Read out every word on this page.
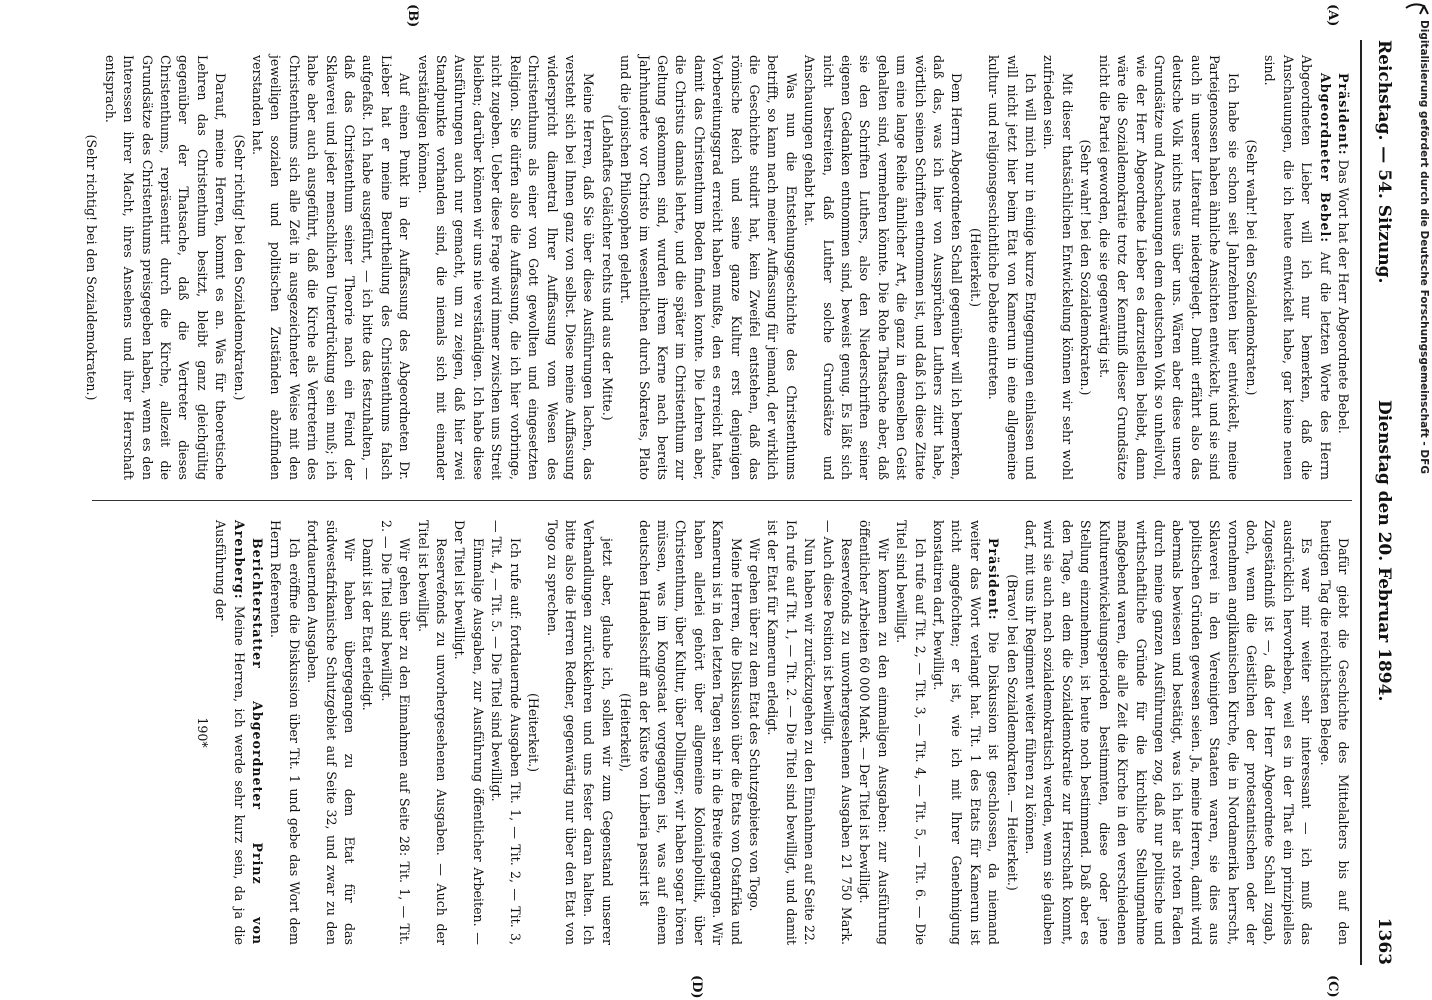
Digitalisierung gefördert durch die Deutsche Forschungsgemeinschaft - DFG
Reichstag. — 54. Sitzung.
Dienstag den 20. Februar 1894.
1363
(A)
(B)
(C)
(D)

Präsident: Das Wort hat der Herr Abgeordnete Bebel.

Abgeordneter Bebel: Auf die letzten Worte des Herrn Abgeordneten Lieber will ich nur bemerken, daß die Anschauungen, die ich heute entwickelt habe, gar keine neuen sind.

(Sehr wahr! bei den Sozialdemokraten.)

Ich habe sie schon seit Jahrzehnten hier entwickelt, meine Parteigenossen haben ähnliche Ansichten entwickelt, und sie sind auch in unserer Literatur niedergelegt. Damit erfährt also das deutsche Volk nichts neues über uns. Wären aber diese unsere Grundsätze und Anschauungen dem deutschen Volk so unheilvoll, wie der Herr Abgeordnete Lieber es darzustellen beliebt, dann wäre die Sozialdemokratie trotz der Kenntniß dieser Grundsätze nicht die Partei geworden, die sie gegenwärtig ist.

(Sehr wahr! bei den Sozialdemokraten.)

Mit dieser thatsächlichen Entwickelung können wir sehr wohl zufrieden sein.

Ich will mich nur in einige kurze Entgegnungen einlassen und will nicht jetzt hier beim Etat von Kamerun in eine allgemeine kultur- und religionsgeschichtliche Debatte eintreten.

(Heiterkeit.)

Dem Herrn Abgeordneten Schall gegenüber will ich bemerken, daß das, was ich hier von Aussprüchen Luthers zitirt habe, wörtlich seinen Schriften entnommen ist, und daß ich diese Zitate um eine lange Reihe ähnlicher Art, die ganz in demselben Geist gehalten sind, vermehren könnte. Die Rohe Thatsache aber, daß sie den Schriften Luthers, also den Niederschriften seiner eigenen Gedanken entnommen sind, beweist genug. Es läßt sich nicht bestreiten, daß Luther solche Grundsätze und Anschauungen gehabt hat.

Was nun die Entstehungsgeschichte des Christenthums betrifft, so kann nach meiner Auffassung für jemand, der wirklich die Geschichte studirt hat, kein Zweifel entstehen, daß das römische Reich und seine ganze Kultur erst denjenigen Vorbereitungsgrad erreicht haben mußte, den es erreicht hatte, damit das Christenthum Boden finden konnte. Die Lehren aber, die Christus damals lehrte, und die später im Christenthum zur Geltung gekommen sind, wurden ihrem Kerne nach bereits Jahrhunderte vor Christo im wesentlichen durch Sokrates, Plato und die jonischen Philosophen gelehrt.

(Lebhaftes Gelächter rechts und aus der Mitte.)

Meine Herren, daß Sie über diese Ausführungen lachen, das versteht sich bei Ihnen ganz von selbst. Diese meine Auffassung widerspricht diametral Ihrer Auffassung vom Wesen des Christenthums als einer von Gott gewollten und eingesetzten Religion. Sie dürfen also die Auffassung, die ich hier vorbringe, nicht zugeben. Ueber diese Frage wird immer zwischen uns Streit bleiben; darüber können wir uns nie verständigen. Ich habe diese Ausführungen auch nur gemacht, um zu zeigen, daß hier zwei Standpunkte vorhanden sind, die niemals sich mit einander verständigen können.

Auf einen Punkt in der Auffassung des Abgeordneten Dr. Lieber hat er meine Beurtheilung des Christenthums falsch aufgefaßt. Ich habe ausgeführt, — ich bitte das festzuhalten, — daß das Christenthum seiner Theorie nach ein Feind der Sklaverei und jeder menschlichen Unterdrückung sein muß; ich habe aber auch ausgeführt, daß die Kirche als Vertreterin des Christenthums sich alle Zeit in ausgezeichneter Weise mit den jeweiligen sozialen und politischen Zuständen abzufinden verstanden hat.

(Sehr richtig! bei den Sozialdemokraten.)

Darauf, meine Herren, kommt es an. Was für theoretische Lehren das Christenthum besitzt, bleibt ganz gleichgültig gegenüber der Thatsache, daß die Vertreter dieses Christenthums, repräsentirt durch die Kirche, allezeit die Grundsätze des Christenthums preisgegeben haben, wenn es den Interessen ihrer Macht, ihres Ansehens und ihrer Herrschaft entsprach.

(Sehr richtig! bei den Sozialdemokraten.)

Dafür giebt die Geschichte des Mittelalters bis auf den heutigen Tag die reichlichsten Belege.

Es war mir weiter sehr interessant — ich muß das ausdrücklich hervorheben, weil es in der That ein prinzipielles Zugeständniß ist —, daß der Herr Abgeordnete Schall zugab, doch, wenn die Geistlichen der protestantischen oder der vornehmen anglikanischen Kirche, die in Nordamerika herrscht, Sklaverei in den Vereinigten Staaten waren, sie dies aus politischen Gründen gewesen seien. Ja, meine Herren, damit wird abermals bewiesen und bestätigt, was ich hier als roten Faden durch meine ganzen Ausführungen zog, daß nur politische und wirthschaftliche Gründe für die kirchliche Stellungnahme maßgebend waren, die alle Zeit die Kirche in den verschiedenen Kulturentwickelungsperioden bestimmten, diese oder jene Stellung einzunehmen, ist heute noch bestimmend. Daß aber es den Tage, an dem die Sozialdemokratie zur Herrschaft kommt, wird sie auch nach sozialdemokratisch werden, wenn sie glauben darf, mit uns ihr Regiment weiter führen zu können.

(Bravo! bei den Sozialdemokraten. — Heiterkeit.)

Präsident: Die Diskussion ist geschlossen, da niemand weiter das Wort verlangt hat. Tit. 1 des Etats für Kamerun ist nicht angefochten; er ist, wie ich mit Ihrer Genehmigung konstatiren darf, bewilligt.

Ich rufe auf Tit. 2, — Tit. 3, — Tit. 4, — Tit. 5, — Tit. 6. — Die Titel sind bewilligt.

Wir kommen zu den einmaligen Ausgaben: zur Ausführung öffentlicher Arbeiten 60 000 Mark. — Der Titel ist bewilligt.

Reservefonds zu unvorhergesehenen Ausgaben 21 750 Mark. — Auch diese Position ist bewilligt.

Nun haben wir zurückzugehen zu den Einnahmen auf Seite 22. Ich rufe auf Tit. 1, — Tit. 2. — Die Titel sind bewilligt, und damit ist der Etat für Kamerun erledigt.

Wir gehen über zu dem Etat des Schutzgebietes von Togo.

Meine Herren, die Diskussion über die Etats von Ostafrika und Kamerun ist in den letzten Tagen sehr in die Breite gegangen. Wir haben allerlei gehört über allgemeine Kolonialpolitik, über Christenthum, über Kultur, über Dollinger; wir haben sogar hören müssen, was im Kongostaat vorgegangen ist, was auf einem deutschen Handelsschiff an der Küste von Liberia passirt ist

(Heiterkeit),

jetzt aber, glaube ich, sollen wir zum Gegenstand unserer Verhandlungen zurückkehren und uns fester daran halten. Ich bitte also die Herren Redner, gegenwärtig nur über den Etat von Togo zu sprechen.

(Heiterkeit.)

Ich rufe auf: fortdauernde Ausgaben Tit. 1, — Tit. 2, — Tit. 3, — Tit. 4, — Tit. 5. — Die Titel sind bewilligt.

Einmalige Ausgaben, zur Ausführung öffentlicher Arbeiten. — Der Titel ist bewilligt.

Reservefonds zu unvorhergesehenen Ausgaben. — Auch der Titel ist bewilligt.

Wir gehen über zu den Einnahmen auf Seite 28: Tit. 1, — Tit. 2. — Die Titel sind bewilligt.

Damit ist der Etat erledigt.

Wir haben übergegangen zu dem Etat für das südwestafrikanische Schutzgebiet auf Seite 32, und zwar zu den fortdauernden Ausgaben.

Ich eröffne die Diskussion über Tit. 1 und gebe das Wort dem Herrn Referenten.

Berichterstatter Abgeordneter Prinz von Arenberg: Meine Herren, ich werde sehr kurz sein, da ja die Ausführung der

190*
